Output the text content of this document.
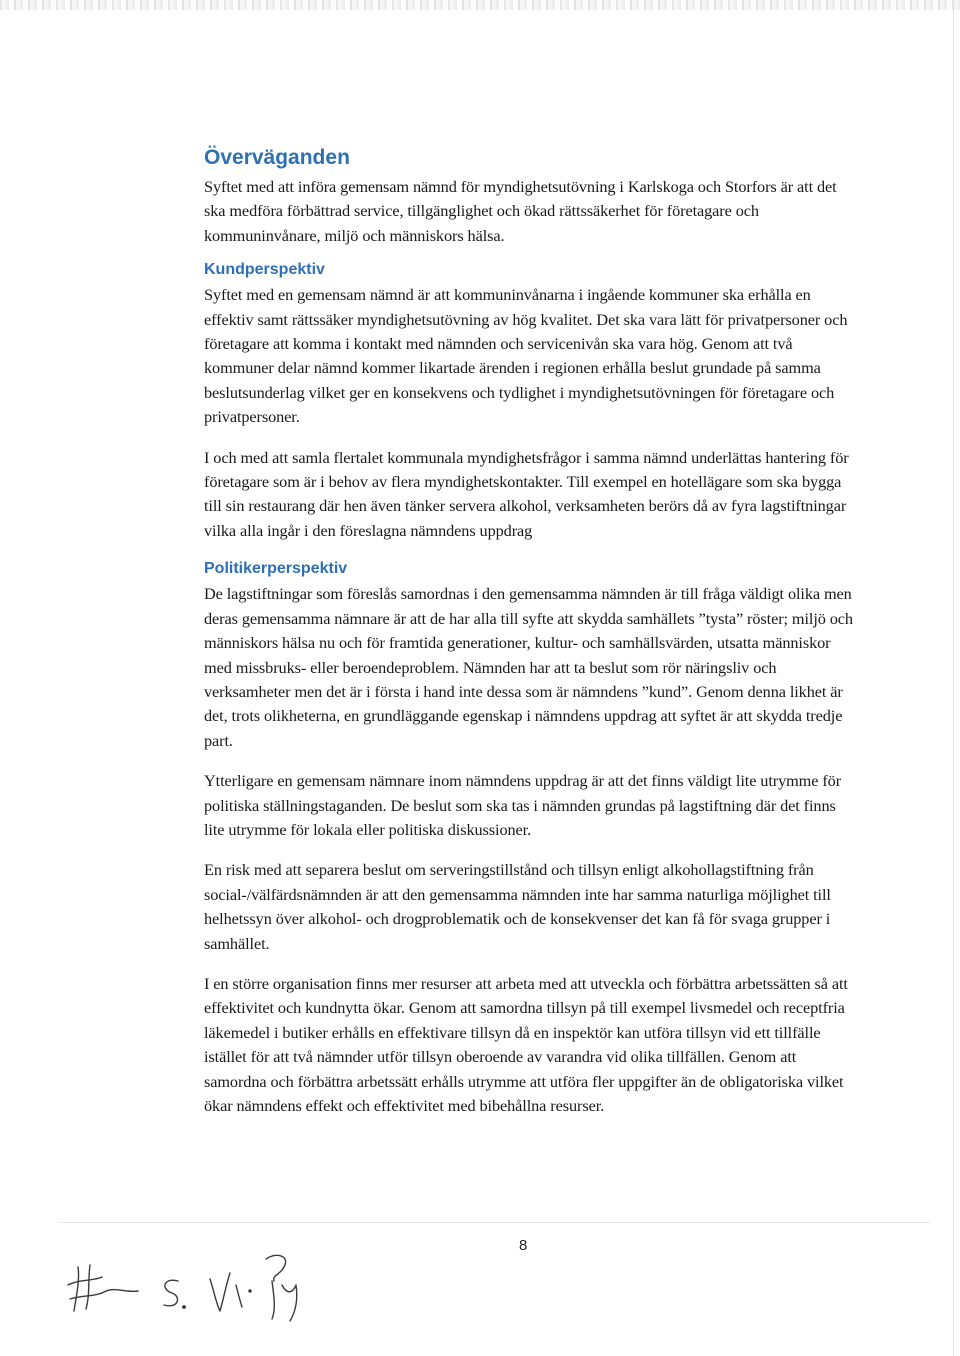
Överväganden

Syftet med att införa gemensam nämnd för myndighetsutövning i Karlskoga och Storfors är att det ska medföra förbättrad service, tillgänglighet och ökad rättssäkerhet för företagare och kommuninvånare, miljö och människors hälsa.

Kundperspektiv

Syftet med en gemensam nämnd är att kommuninvånarna i ingående kommuner ska erhålla en effektiv samt rättssäker myndighetsutövning av hög kvalitet. Det ska vara lätt för privatpersoner och företagare att komma i kontakt med nämnden och servicenivån ska vara hög. Genom att två kommuner delar nämnd kommer likartade ärenden i regionen erhålla beslut grundade på samma beslutsunderlag vilket ger en konsekvens och tydlighet i myndighetsutövningen för företagare och privatpersoner.

I och med att samla flertalet kommunala myndighetsfrågor i samma nämnd underlättas hantering för företagare som är i behov av flera myndighetskontakter. Till exempel en hotellägare som ska bygga till sin restaurang där hen även tänker servera alkohol, verksamheten berörs då av fyra lagstiftningar vilka alla ingår i den föreslagna nämndens uppdrag

Politikerperspektiv

De lagstiftningar som föreslås samordnas i den gemensamma nämnden är till fråga väldigt olika men deras gemensamma nämnare är att de har alla till syfte att skydda samhällets ”tysta” röster; miljö och människors hälsa nu och för framtida generationer, kultur- och samhällsvärden, utsatta människor med missbruks- eller beroendeproblem. Nämnden har att ta beslut som rör näringsliv och verksamheter men det är i första i hand inte dessa som är nämndens ”kund”. Genom denna likhet är det, trots olikheterna, en grundläggande egenskap i nämndens uppdrag att syftet är att skydda tredje part.

Ytterligare en gemensam nämnare inom nämndens uppdrag är att det finns väldigt lite utrymme för politiska ställningstaganden. De beslut som ska tas i nämnden grundas på lagstiftning där det finns lite utrymme för lokala eller politiska diskussioner.

En risk med att separera beslut om serveringstillstånd och tillsyn enligt alkohollagstiftning från social-/välfärdsnämnden är att den gemensamma nämnden inte har samma naturliga möjlighet till helhetssyn över alkohol- och drogproblematik och de konsekvenser det kan få för svaga grupper i samhället.

I en större organisation finns mer resurser att arbeta med att utveckla och förbättra arbetssätten så att effektivitet och kundnytta ökar. Genom att samordna tillsyn på till exempel livsmedel och receptfria läkemedel i butiker erhålls en effektivare tillsyn då en inspektör kan utföra tillsyn vid ett tillfälle istället för att två nämnder utför tillsyn oberoende av varandra vid olika tillfällen. Genom att samordna och förbättra arbetssätt erhålls utrymme att utföra fler uppgifter än de obligatoriska vilket ökar nämndens effekt och effektivitet med bibehållna resurser.

8
